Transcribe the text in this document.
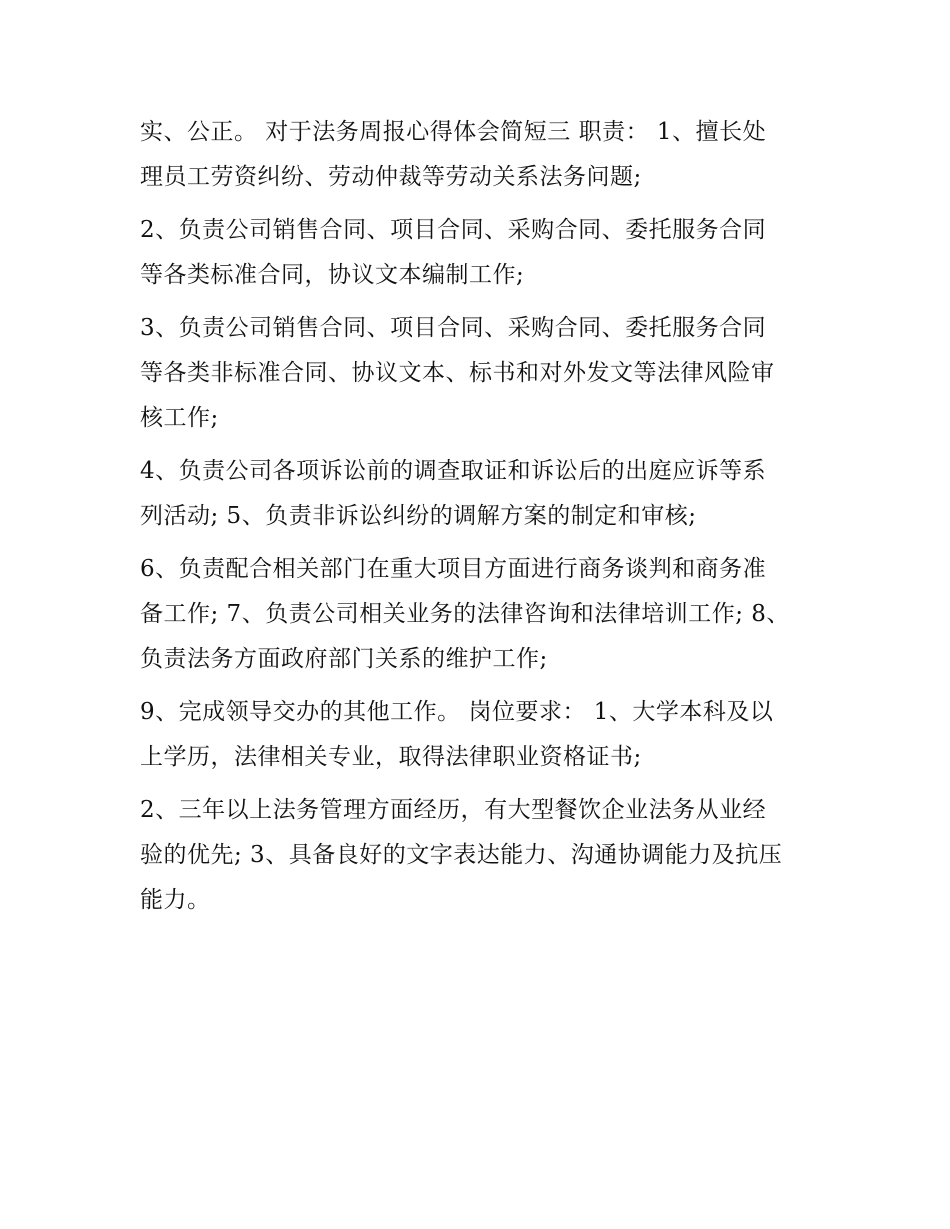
实、公正。 对于法务周报心得体会简短三 职责： 1、擅长处
理员工劳资纠纷、劳动仲裁等劳动关系法务问题;
2、负责公司销售合同、项目合同、采购合同、委托服务合同
等各类标准合同，协议文本编制工作;
3、负责公司销售合同、项目合同、采购合同、委托服务合同
等各类非标准合同、协议文本、标书和对外发文等法律风险审
核工作;
4、负责公司各项诉讼前的调查取证和诉讼后的出庭应诉等系
列活动; 5、负责非诉讼纠纷的调解方案的制定和审核;
6、负责配合相关部门在重大项目方面进行商务谈判和商务准
备工作; 7、负责公司相关业务的法律咨询和法律培训工作; 8、
负责法务方面政府部门关系的维护工作;
9、完成领导交办的其他工作。 岗位要求： 1、大学本科及以
上学历，法律相关专业，取得法律职业资格证书;
2、三年以上法务管理方面经历，有大型餐饮企业法务从业经
验的优先; 3、具备良好的文字表达能力、沟通协调能力及抗压
能力。
